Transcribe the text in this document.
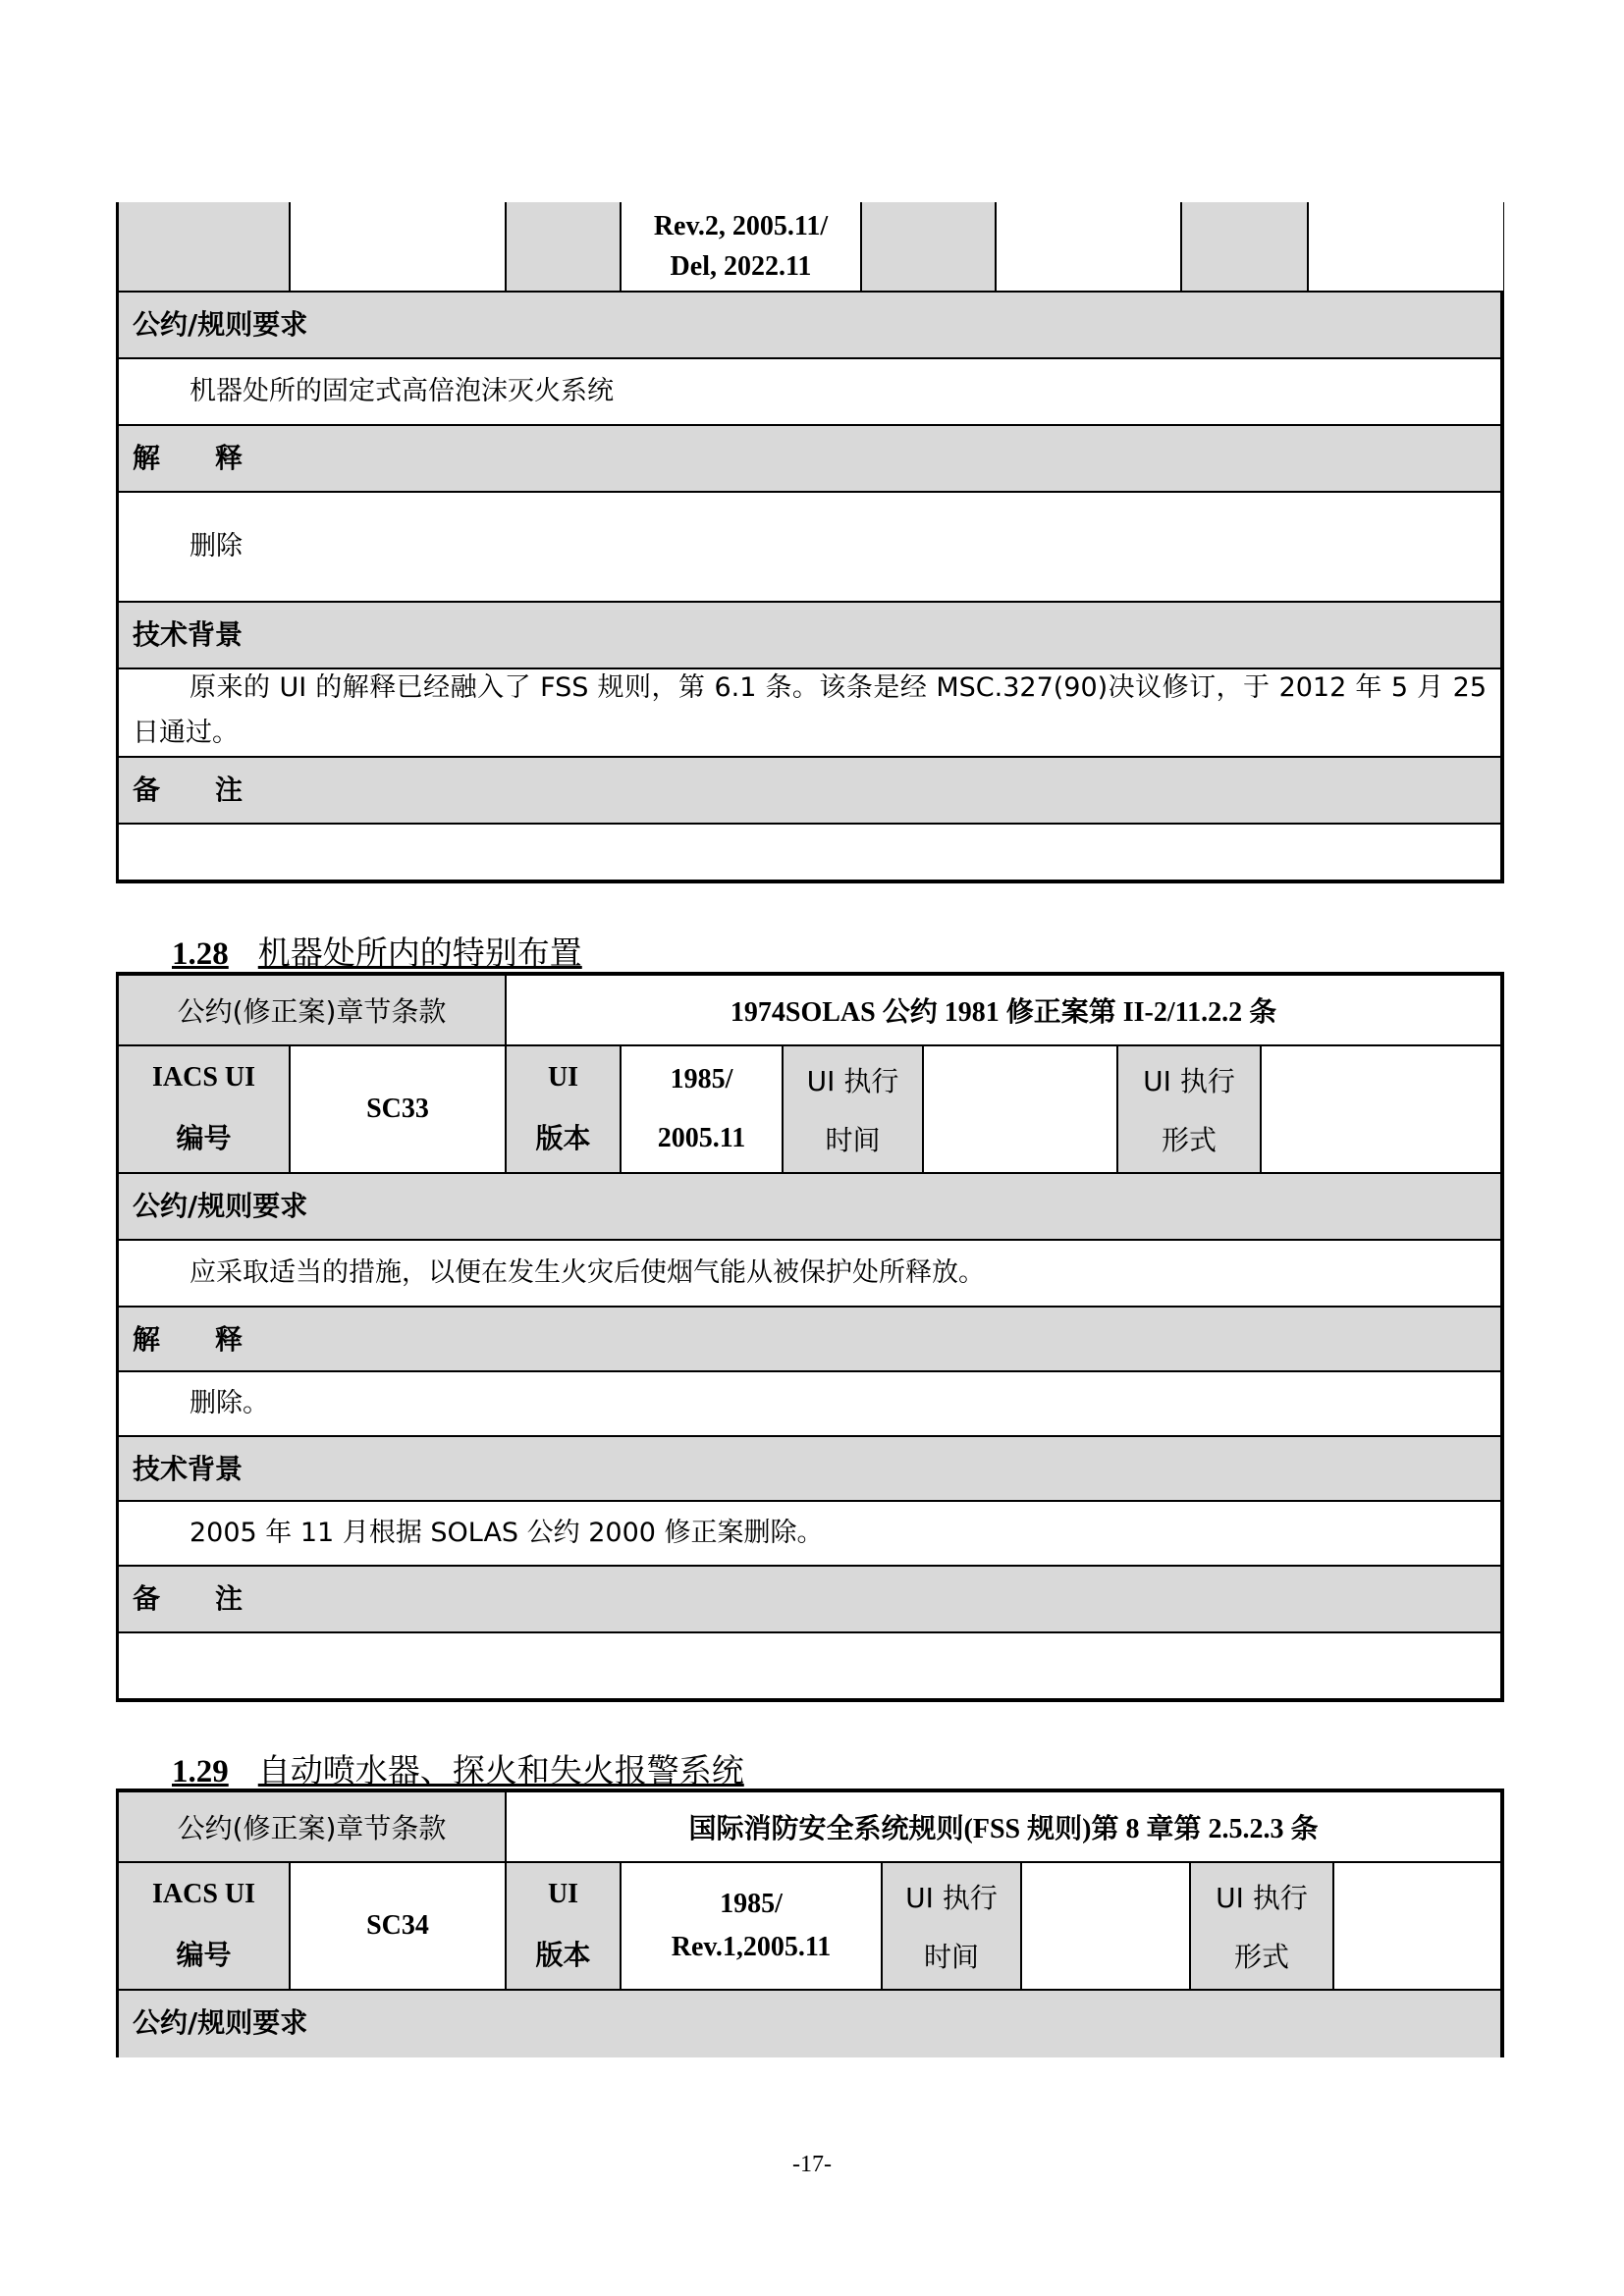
Rev.2, 2005.11/
Del, 2022.11
公约/规则要求
机器处所的固定式高倍泡沫灭火系统
解　　释
删除
技术背景
原来的 UI 的解释已经融入了 FSS 规则，第 6.1 条。该条是经 MSC.327(90)决议修订，于 2012 年 5 月 25 日通过。
备　　注
1.28 机器处所内的特别布置
公约(修正案)章节条款	1974SOLAS 公约 1981 修正案第 II-2/11.2.2 条
IACS UI
编号
SC33
UI
版本
1985/
2005.11
UI 执行
时间
UI 执行
形式
公约/规则要求
应采取适当的措施，以便在发生火灾后使烟气能从被保护处所释放。
解　　释
删除。
技术背景
2005 年 11 月根据 SOLAS 公约 2000 修正案删除。
备　　注
1.29 自动喷水器、探火和失火报警系统
公约(修正案)章节条款	国际消防安全系统规则(FSS 规则)第 8 章第 2.5.2.3 条
IACS UI
编号
SC34
UI
版本
1985/
Rev.1,2005.11
UI 执行
时间
UI 执行
形式
公约/规则要求
-17-
